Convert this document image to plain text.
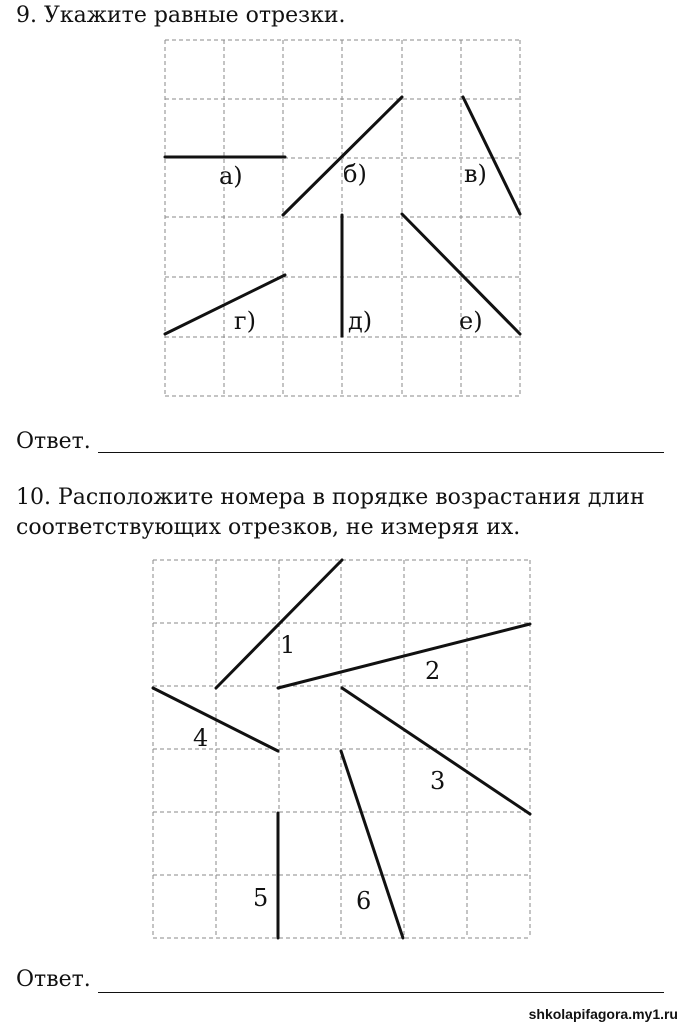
9. Укажите равные отрезки.
а)	б)	в)
г)	д)	е)
1
2
3
4
5	6
Ответ.
10. Расположите номера в порядке возрастания длин
соответствующих отрезков, не измеряя их.
Ответ.
shkolapifagora.my1.ru
